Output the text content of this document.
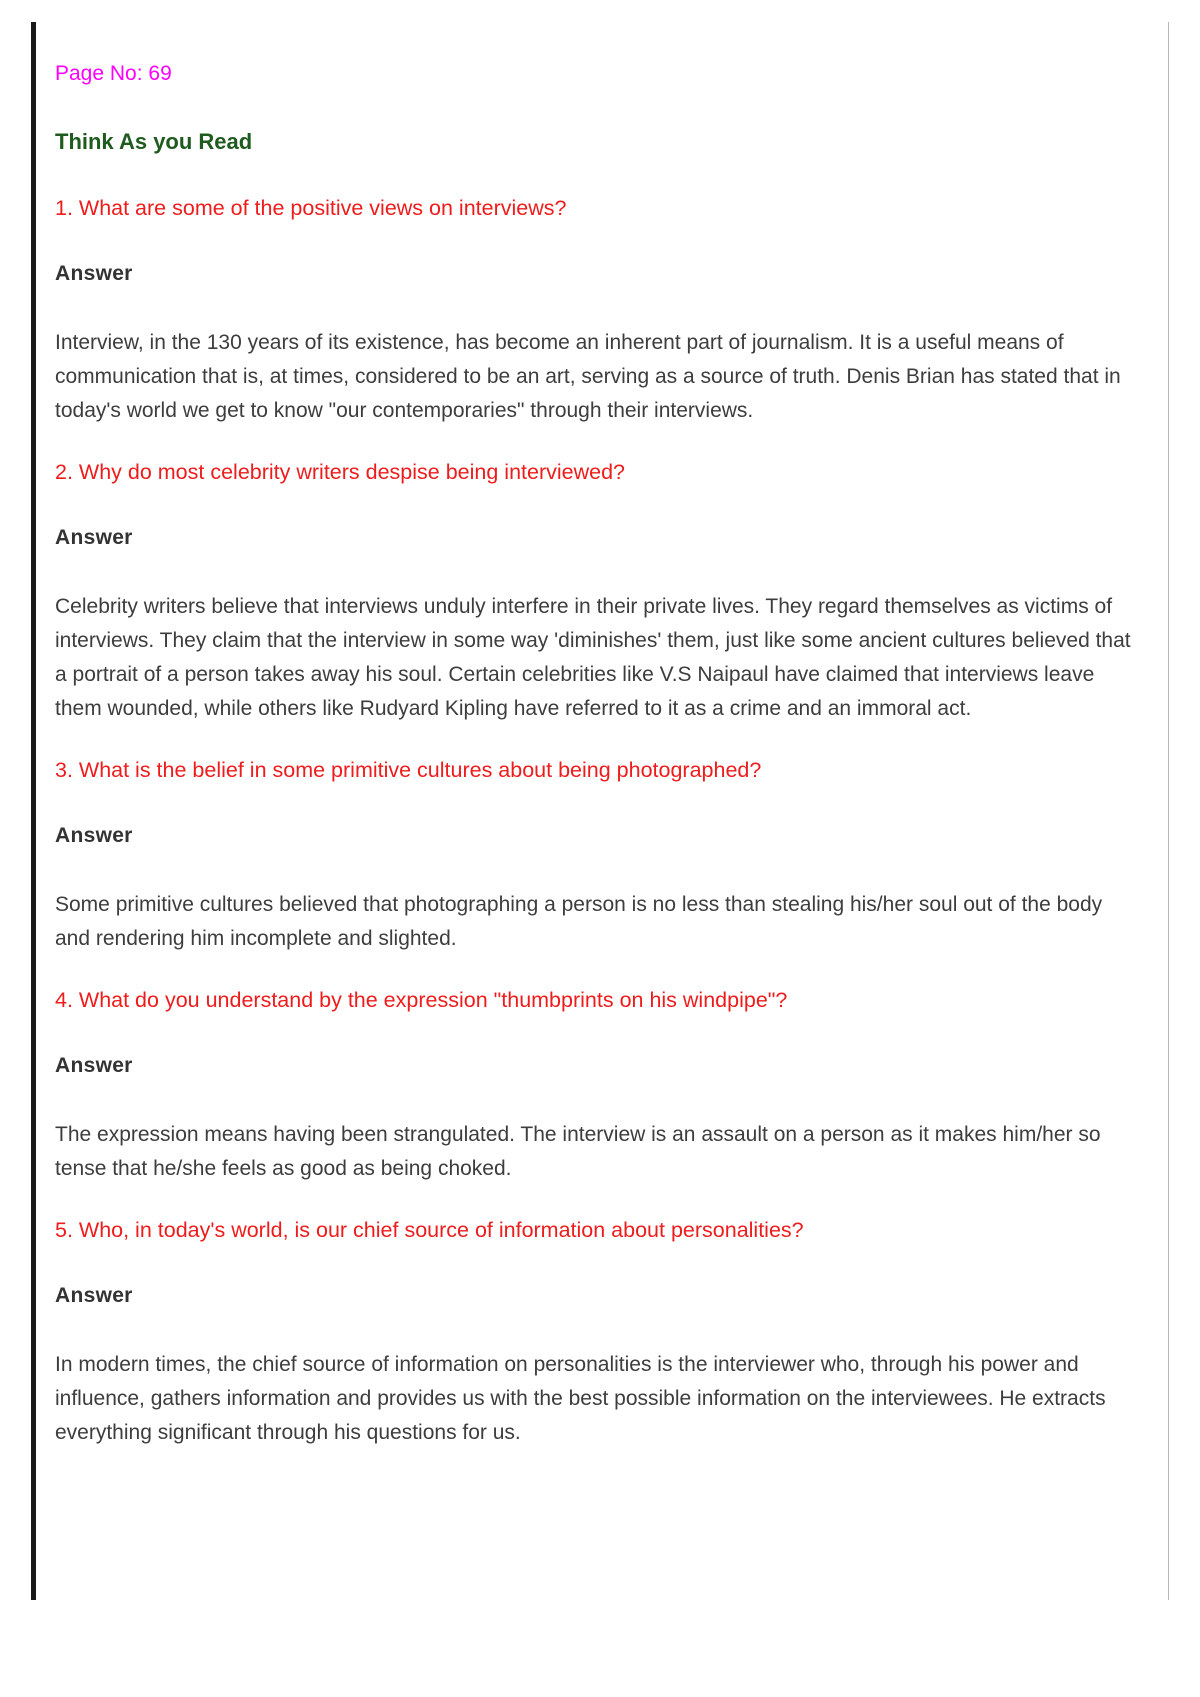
Page No: 69
Think As you Read
1. What are some of the positive views on interviews?
Answer
Interview, in the 130 years of its existence, has become an inherent part of journalism. It is a useful means of communication that is, at times, considered to be an art, serving as a source of truth. Denis Brian has stated that in today's world we get to know "our contemporaries" through their interviews.
2. Why do most celebrity writers despise being interviewed?
Answer
Celebrity writers believe that interviews unduly interfere in their private lives. They regard themselves as victims of interviews. They claim that the interview in some way 'diminishes' them, just like some ancient cultures believed that a portrait of a person takes away his soul. Certain celebrities like V.S Naipaul have claimed that interviews leave them wounded, while others like Rudyard Kipling have referred to it as a crime and an immoral act.
3. What is the belief in some primitive cultures about being photographed?
Answer
Some primitive cultures believed that photographing a person is no less than stealing his/her soul out of the body and rendering him incomplete and slighted.
4. What do you understand by the expression "thumbprints on his windpipe"?
Answer
The expression means having been strangulated. The interview is an assault on a person as it makes him/her so tense that he/she feels as good as being choked.
5. Who, in today's world, is our chief source of information about personalities?
Answer
In modern times, the chief source of information on personalities is the interviewer who, through his power and influence, gathers information and provides us with the best possible information on the interviewees. He extracts everything significant through his questions for us.
